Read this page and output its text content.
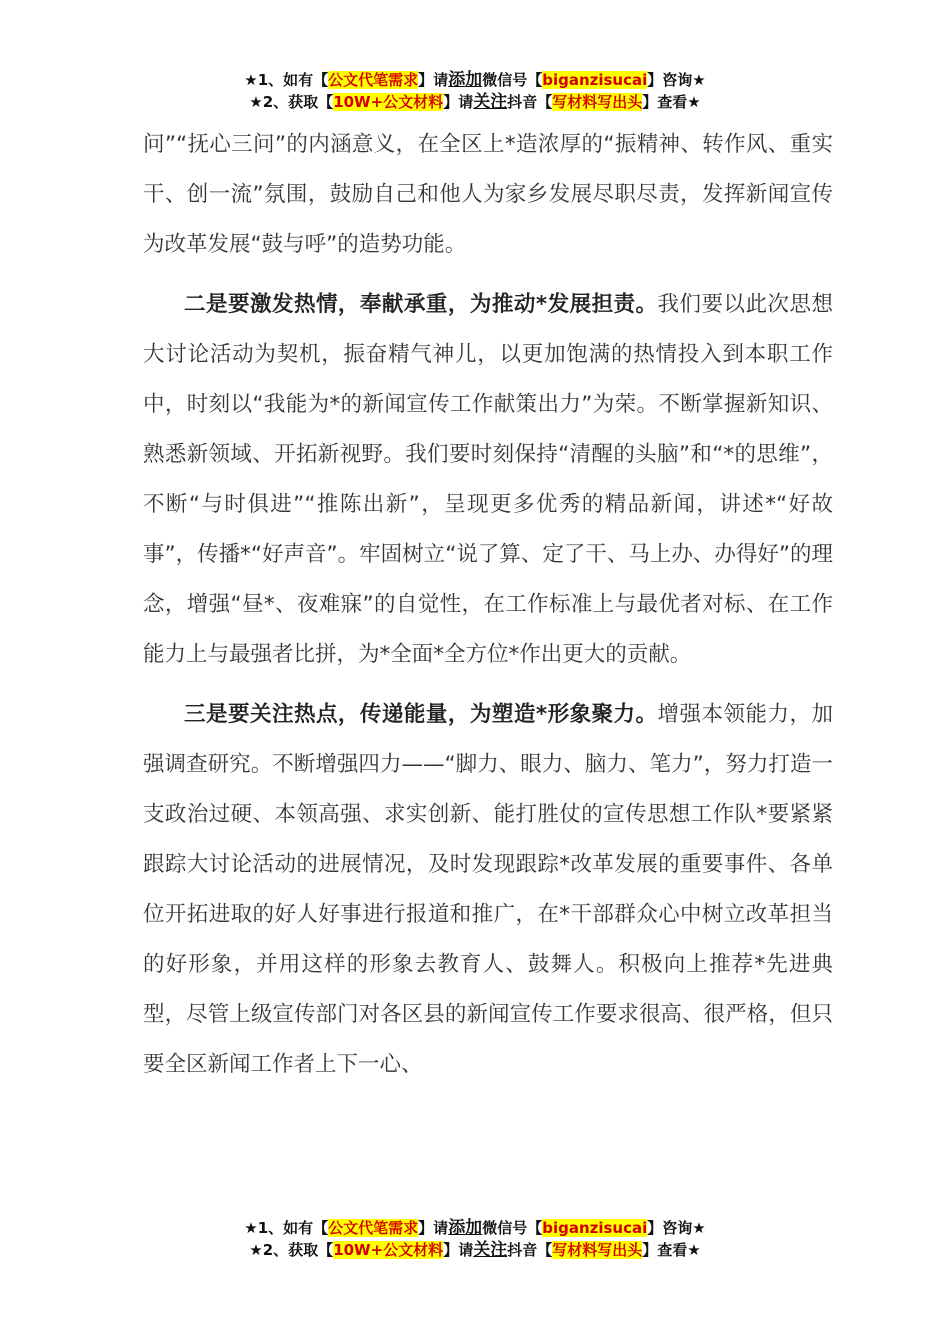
★1、如有【公文代笔需求】请添加微信号【biganzisucai】咨询★
★2、获取【10W+公文材料】请关注抖音【写材料写出头】查看★

问”“抚心三问”的内涵意义，在全区上*造浓厚的“振精神、转作风、重实干、创一流”氛围，鼓励自己和他人为家乡发展尽职尽责，发挥新闻宣传为改革发展“鼓与呼”的造势功能。

二是要激发热情，奉献承重，为推动*发展担责。我们要以此次思想大讨论活动为契机，振奋精气神儿，以更加饱满的热情投入到本职工作中，时刻以“我能为*的新闻宣传工作献策出力”为荣。不断掌握新知识、熟悉新领域、开拓新视野。我们要时刻保持“清醒的头脑”和“*的思维”，不断“与时俱进”“推陈出新”，呈现更多优秀的精品新闻，讲述*“好故事”，传播*“好声音”。牢固树立“说了算、定了干、马上办、办得好”的理念，增强“昼*、夜难寐”的自觉性，在工作标准上与最优者对标、在工作能力上与最强者比拼，为*全面*全方位*作出更大的贡献。

三是要关注热点，传递能量，为塑造*形象聚力。增强本领能力，加强调查研究。不断增强四力——“脚力、眼力、脑力、笔力”，努力打造一支政治过硬、本领高强、求实创新、能打胜仗的宣传思想工作队*要紧紧跟踪大讨论活动的进展情况，及时发现跟踪*改革发展的重要事件、各单位开拓进取的好人好事进行报道和推广，在*干部群众心中树立改革担当的好形象，并用这样的形象去教育人、鼓舞人。积极向上推荐*先进典型，尽管上级宣传部门对各区县的新闻宣传工作要求很高、很严格，但只要全区新闻工作者上下一心、

★1、如有【公文代笔需求】请添加微信号【biganzisucai】咨询★
★2、获取【10W+公文材料】请关注抖音【写材料写出头】查看★
